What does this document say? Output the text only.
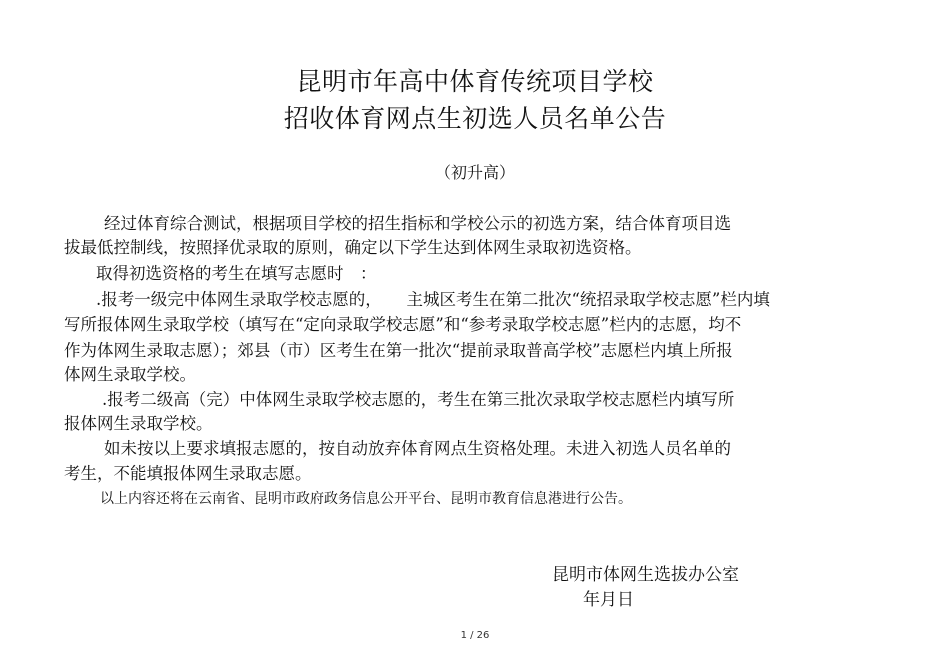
昆明市年高中体育传统项目学校
招收体育网点生初选人员名单公告
（初升高）
经过体育综合测试，根据项目学校的招生指标和学校公示的初选方案，结合体育项目选
拔最低控制线，按照择优录取的原则，确定以下学生达到体网生录取初选资格。
取得初选资格的考生在填写志愿时　：
.报考一级完中体网生录取学校志愿的，　　主城区考生在第二批次“统招录取学校志愿”栏内填
写所报体网生录取学校（填写在“定向录取学校志愿”和“参考录取学校志愿”栏内的志愿，均不
作为体网生录取志愿）；郊县（市）区考生在第一批次“提前录取普高学校”志愿栏内填上所报
体网生录取学校。
.报考二级高（完）中体网生录取学校志愿的，考生在第三批次录取学校志愿栏内填写所
报体网生录取学校。
如未按以上要求填报志愿的，按自动放弃体育网点生资格处理。未进入初选人员名单的
考生，不能填报体网生录取志愿。
以上内容还将在云南省、昆明市政府政务信息公开平台、昆明市教育信息港进行公告。
昆明市体网生选拔办公室
年月日
1 / 26
